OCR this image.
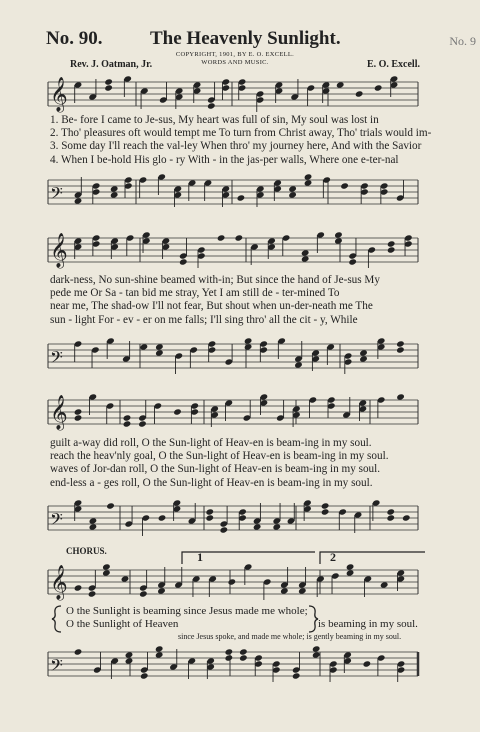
No. 90.	The Heavenly Sunlight.	No. 9
COPYRIGHT, 1901, BY E. O. EXCELL.
WORDS AND MUSIC.
Rev. J. Oatman, Jr.	E. O. Excell.
𝄞
𝄢
𝄞
𝄢
𝄞
𝄢
𝄞
𝄢
1. Be- fore I came to Je-sus, My heart was full of sin, My soul was lost in
2. Tho' pleasures oft would tempt me To turn from Christ away, Tho' trials would im-
3. Some day I'll reach the val-ley When thro' my journey here, And with the Savior
4. When I be-hold His glo - ry With - in the jas-per walls, Where one e-ter-nal
dark-ness, No sun-shine beamed with-in; But since the hand of Je-sus My
pede me Or Sa - tan bid me stray, Yet I am still de - ter-mined To
near me, The shad-ow I'll not fear, But shout when un-der-neath me The
sun - light For - ev - er on me falls; I'll sing thro' all the cit - y, While
guilt a-way did roll, O the Sun-light of Heav-en is beam-ing in my soul.
reach the heav'nly goal, O the Sun-light of Heav-en is beam-ing in my soul.
waves of Jor-dan roll, O the Sun-light of Heav-en is beam-ing in my soul.
end-less a - ges roll, O the Sun-light of Heav-en is beam-ing in my soul.
CHORUS.
O the Sunlight is beaming since Jesus made me whole;
O the Sunlight of Heaven	is beaming in my soul.
since Jesus spoke, and made me whole; is gently beaming in my soul.
1	2
